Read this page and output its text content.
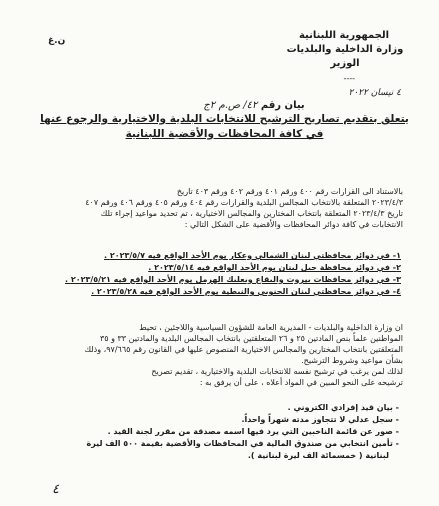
ن.غ	الجمهورية اللبنانية
وزارة الداخلية والبلديات
الوزير
----
٤ نيسان ٢٠٢٢
بيان رقم ٤٢/ ص.م ٢ج
يتعلق بتقديم تصاريح الترشيح للانتخابات البلدية والاختيارية والرجوع عنها
في كافة المحافظات والأقضية اللبنانية
بالاستناد الى القرارات رقم ٤٠٠ ورقم ٤٠١ ورقم ٤٠٢ ورقم ٤٠٣ تاريخ
٢٠٢٣/٤/٣ المتعلقة بالانتخاب المجالس البلدية والقرارات رقم ٤٠٤ ورقم ٤٠٥ ورقم ٤٠٦ ورقم ٤٠٧
تاريخ ٢٠٢٣/٤/٣ المتعلقة بانتخاب المختارين والمجالس الاختيارية ، تم تحديد مواعيد إجراء تلك
الانتخابات في كافة دوائر المحافظات والأقضية على الشكل التالي :
١- في دوائر محافظتي لبنان الشمالي وعكار يوم الأحد الواقع فيه ٢٠٢٣/٥/٧ .
٢- في دوائر محافظة جبل لبنان يوم الأحد الواقع فيه ٢٠٢٣/٥/١٤ .
٣- في دوائر محافظات بيروت والبقاع وبعلبك الهرمل يوم الأحد الواقع فيه ٢٠٢٣/٥/٢١ .
٤- في دوائر محافظتي لبنان الجنوبي والنبطية يوم الأحد الواقع فيه ٢٠٢٣/٥/٢٨ .
ان وزارة الداخلية والبلديات - المديرية العامة للشؤون السياسية واللاجئين ، تحيط
المواطنين علماً بنص المادتين ٢٥ و ٢٦ المتعلقتين بانتخاب المجالس البلدية والمادتين ٣٣ و ٣٥
المتعلقتين بانتخاب المختارين والمجالس الاختيارية المنصوص عليها في القانون رقم ٩٧/٦٦٥، وذلك
بشأن مواعيد وشروط الترشيح.
لذلك لمن يرغب في ترشيح نفسه للانتخابات البلدية والاختيارية ، تقديم تصريح
ترشيحه على النحو المبين في المواد أعلاه ، على أن يرفق به :
- بيان قيد إفرادي الكتروني .
- سجل عدلي لا تتجاوز مدته شهراً واحداً.
- صور عن قائمة الناخبين التي يرد فيها اسمه مصدقة من مقرر لجنة القيد .
- تأمين انتخابي من صندوق المالية في المحافظات والأقضية بقيمة ٥٠٠ الف ليرة
لبنانية ( خمسمائة الف ليرة لبنانية ).
٤
